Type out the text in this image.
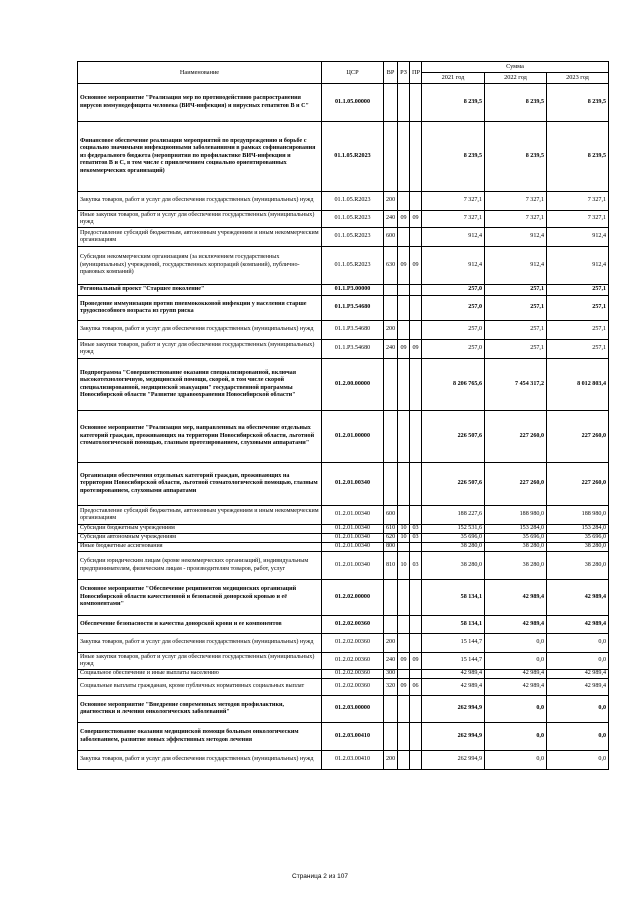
Наименование	ЦСР	ВР	РЗ	ПР	Сумма		
					2021 год	2022 год	2023 год
Основное мероприятие "Реализация мер по противодействию распространения вирусов иммунодефицита человека (ВИЧ-инфекция) и вирусных гепатитов В и С"	01.1.05.00000				8 239,5	8 239,5	8 239,5
Финансовое обеспечение реализации мероприятий по предупреждению и борьбе с социально значимыми инфекционными заболеваниями в рамках софинансирования из федерального бюджета (мероприятия по профилактике ВИЧ-инфекции и гепатитов В и С, в том числе с привлечением социально ориентированных некоммерческих организаций)	01.1.05.R2023				8 239,5	8 239,5	8 239,5
Закупка товаров, работ и услуг для обеспечения государственных (муниципальных) нужд	01.1.05.R2023	200			7 327,1	7 327,1	7 327,1
Иные закупки товаров, работ и услуг для обеспечения государственных (муниципальных) нужд	01.1.05.R2023	240	09	09	7 327,1	7 327,1	7 327,1
Предоставление субсидий бюджетным, автономным учреждениям и иным некоммерческим организациям	01.1.05.R2023	600			912,4	912,4	912,4
Субсидии некоммерческим организациям (за исключением государственных (муниципальных) учреждений, государственных корпораций (компаний), публично-правовых компаний)	01.1.05.R2023	630	09	09	912,4	912,4	912,4
Региональный проект "Старшее поколение"	01.1.P3.00000				257,0	257,1	257,1
Проведение иммунизации против пневмококковой инфекции у населения старше трудоспособного возраста из групп риска	01.1.P3.54680				257,0	257,1	257,1
Закупка товаров, работ и услуг для обеспечения государственных (муниципальных) нужд	01.1.P3.54680	200			257,0	257,1	257,1
Иные закупки товаров, работ и услуг для обеспечения государственных (муниципальных) нужд	01.1.P3.54680	240	09	09	257,0	257,1	257,1
Подпрограмма "Совершенствование оказания специализированной, включая высокотехнологичную, медицинской помощи, скорой, в том числе скорой специализированной, медицинской эвакуации" государственной программы Новосибирской области "Развитие здравоохранения Новосибирской области"	01.2.00.00000				8 206 765,6	7 454 317,2	8 012 803,4
Основное мероприятие "Реализация мер, направленных на обеспечение отдельных категорий граждан, проживающих на территории Новосибирской области, льготной стоматологической помощью, глазным протезированием, слуховыми аппаратами"	01.2.01.00000				226 507,6	227 260,0	227 260,0
Организация обеспечения отдельных категорий граждан, проживающих на территории Новосибирской области, льготной стоматологической помощью, глазным протезированием, слуховыми аппаратами	01.2.01.00340				226 507,6	227 260,0	227 260,0
Предоставление субсидий бюджетным, автономным учреждениям и иным некоммерческим организациям	01.2.01.00340	600			188 227,6	188 980,0	188 980,0
Субсидии бюджетным учреждениям	01.2.01.00340	610	10	03	152 531,6	153 284,0	153 284,0
Субсидии автономным учреждениям	01.2.01.00340	620	10	03	35 696,0	35 696,0	35 696,0
Иные бюджетные ассигнования	01.2.01.00340	800			38 280,0	38 280,0	38 280,0
Субсидии юридическим лицам (кроме некоммерческих организаций), индивидуальным предпринимателям, физическим лицам - производителям товаров, работ, услуг	01.2.01.00340	810	10	03	38 280,0	38 280,0	38 280,0
Основное мероприятие "Обеспечение реципиентов медицинских организаций Новосибирской области качественной и безопасной донорской кровью и её компонентами"	01.2.02.00000				58 134,1	42 989,4	42 989,4
Обеспечение безопасности и качества донорской крови и ее компонентов	01.2.02.00360				58 134,1	42 989,4	42 989,4
Закупка товаров, работ и услуг для обеспечения государственных (муниципальных) нужд	01.2.02.00360	200			15 144,7	0,0	0,0
Иные закупки товаров, работ и услуг для обеспечения государственных (муниципальных) нужд	01.2.02.00360	240	09	09	15 144,7	0,0	0,0
Социальное обеспечение и иные выплаты населению	01.2.02.00360	300			42 989,4	42 989,4	42 989,4
Социальные выплаты гражданам, кроме публичных нормативных социальных выплат	01.2.02.00360	320	09	06	42 989,4	42 989,4	42 989,4
Основное мероприятие "Внедрение современных методов профилактики, диагностики и лечения онкологических заболеваний"	01.2.03.00000				262 994,9	0,0	0,0
Совершенствование оказания медицинской помощи больным онкологическим заболеванием, развитие новых эффективных методов лечения	01.2.03.00410				262 994,9	0,0	0,0
Закупка товаров, работ и услуг для обеспечения государственных (муниципальных) нужд	01.2.03.00410	200			262 994,9	0,0	0,0
Страница 2 из 107
